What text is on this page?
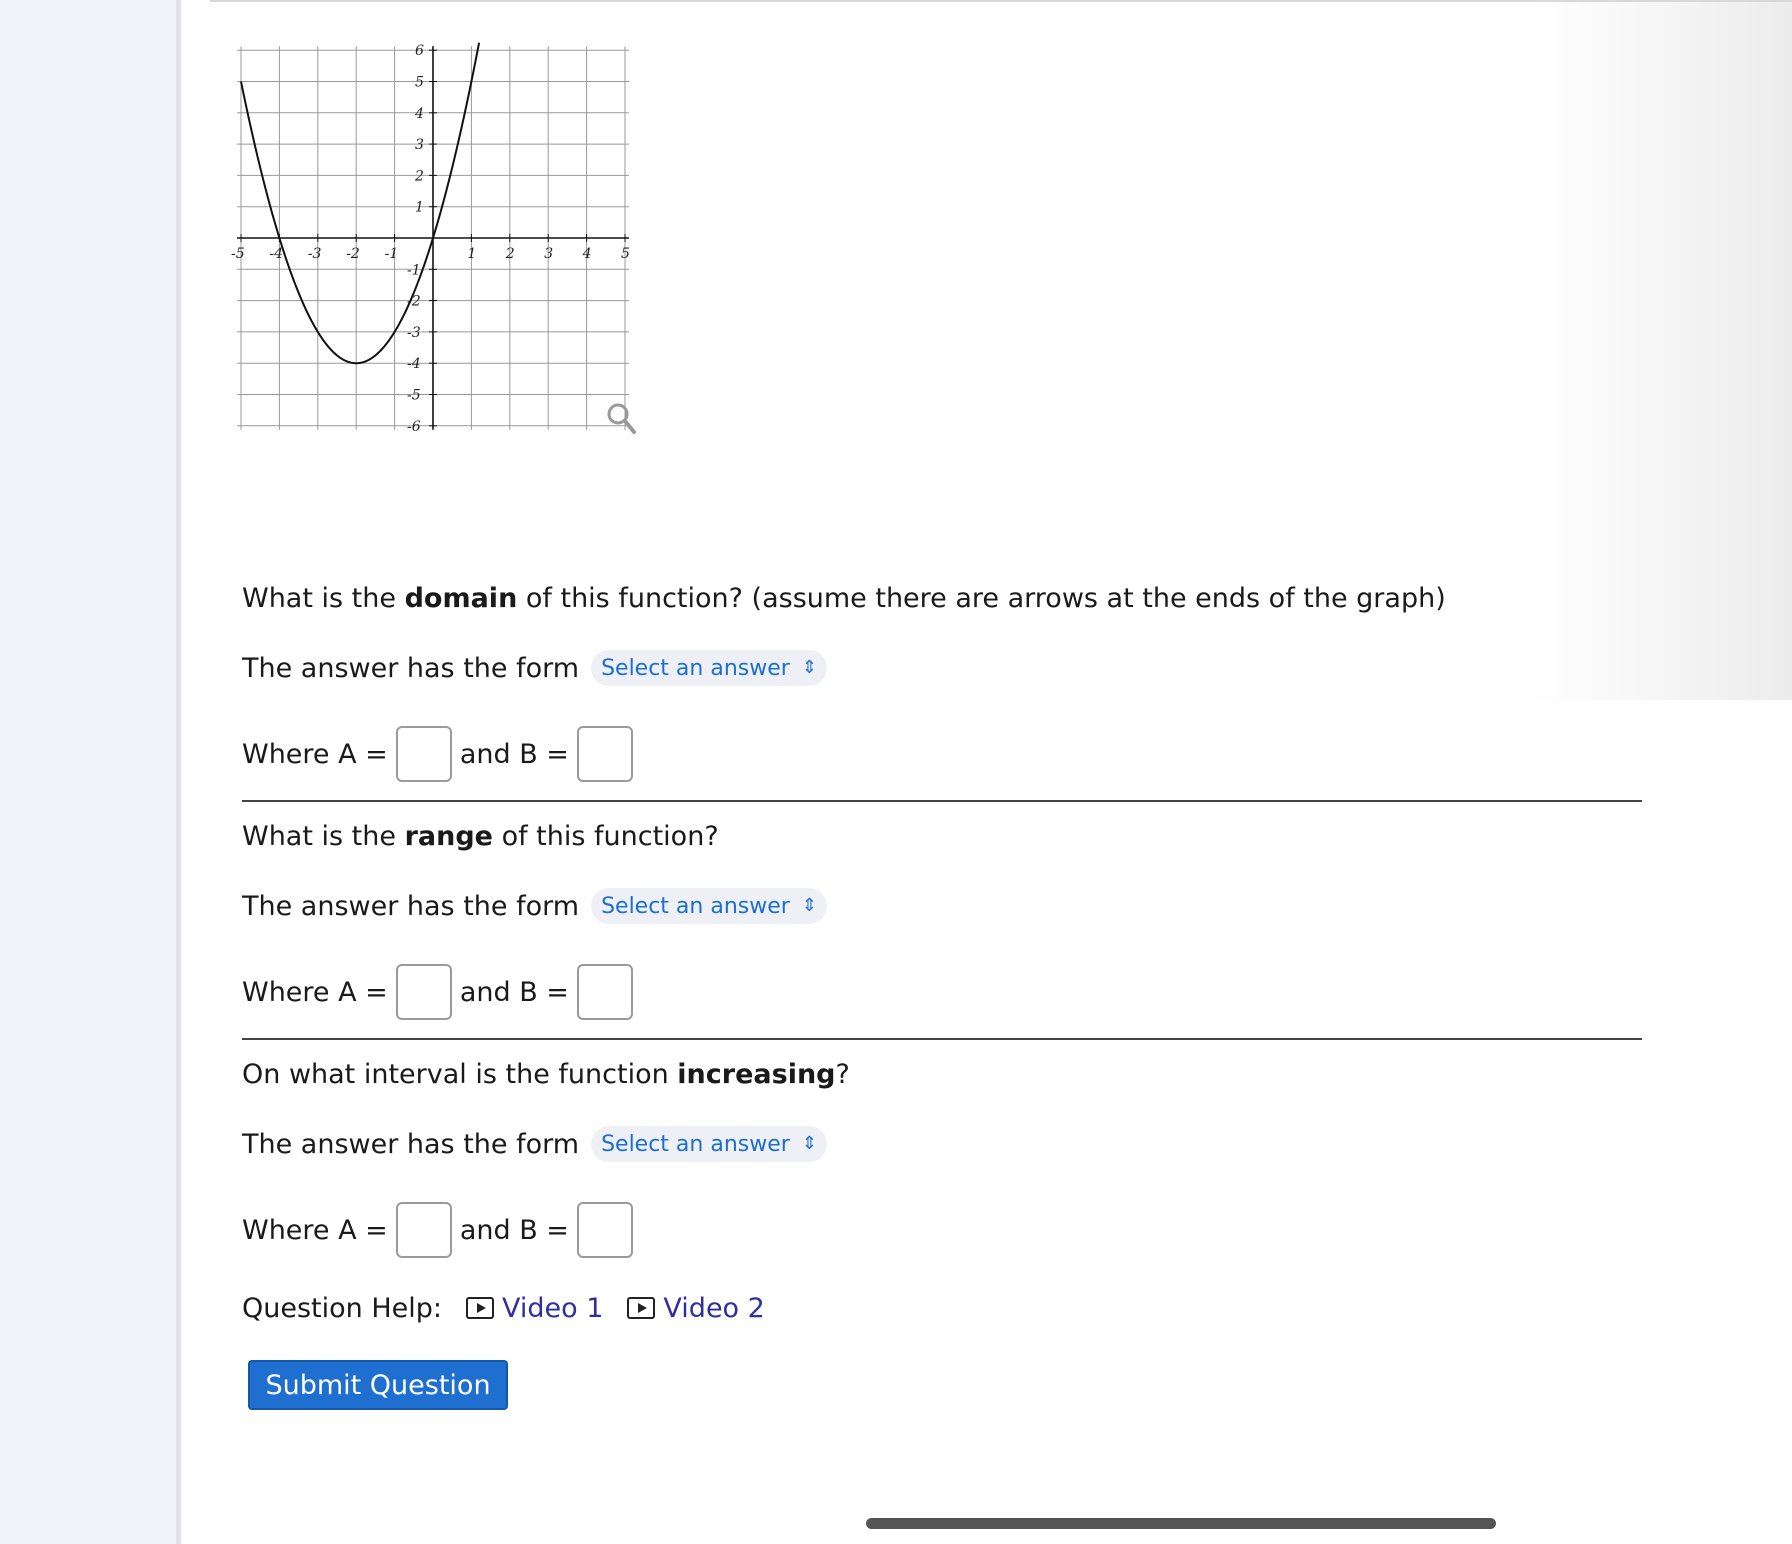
-5 -4 -3 -2 -1	1 2 3 4 5
6
5
4
3
2
1
-1
-2
-3
-4
-5
-6

What is the domain of this function? (assume there are arrows at the ends of the graph)

The answer has the form Select an answer ⇕
Where A =	and B =

What is the range of this function?

The answer has the form Select an answer ⇕
Where A =	and B =

On what interval is the function increasing?

The answer has the form Select an answer ⇕
Where A =	and B =
Question Help: Video 1 Video 2
Submit Question
